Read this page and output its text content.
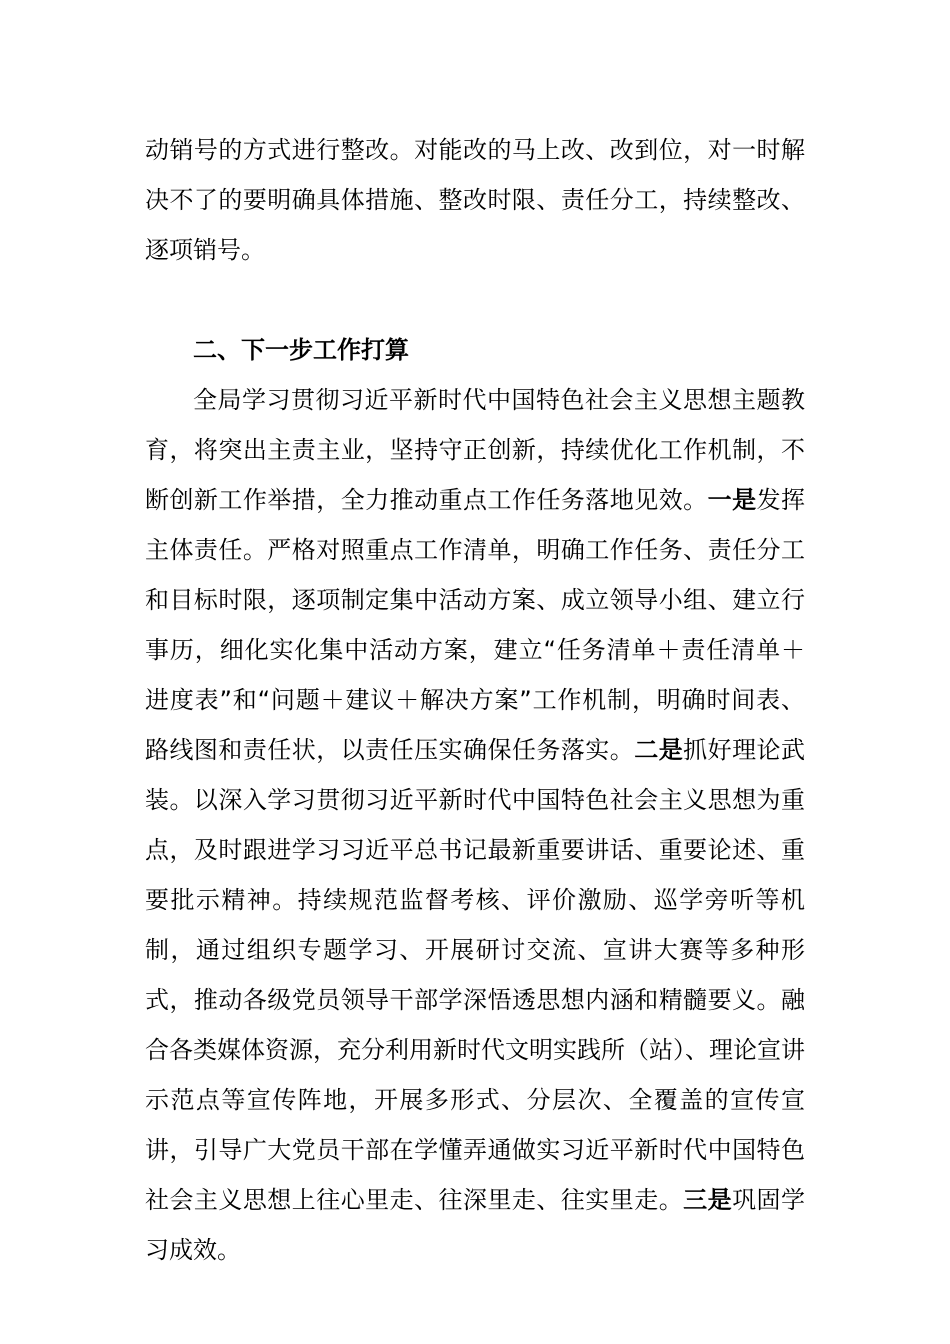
动销号的方式进行整改。对能改的马上改、改到位，对一时解决不了的要明确具体措施、整改时限、责任分工，持续整改、逐项销号。

二、下一步工作打算

全局学习贯彻习近平新时代中国特色社会主义思想主题教育，将突出主责主业，坚持守正创新，持续优化工作机制，不断创新工作举措，全力推动重点工作任务落地见效。一是发挥主体责任。严格对照重点工作清单，明确工作任务、责任分工和目标时限，逐项制定集中活动方案、成立领导小组、建立行事历，细化实化集中活动方案，建立“任务清单＋责任清单＋进度表”和“问题＋建议＋解决方案”工作机制，明确时间表、路线图和责任状，以责任压实确保任务落实。二是抓好理论武装。以深入学习贯彻习近平新时代中国特色社会主义思想为重点，及时跟进学习习近平总书记最新重要讲话、重要论述、重要批示精神。持续规范监督考核、评价激励、巡学旁听等机制，通过组织专题学习、开展研讨交流、宣讲大赛等多种形式，推动各级党员领导干部学深悟透思想内涵和精髓要义。融合各类媒体资源，充分利用新时代文明实践所（站）、理论宣讲示范点等宣传阵地，开展多形式、分层次、全覆盖的宣传宣讲，引导广大党员干部在学懂弄通做实习近平新时代中国特色社会主义思想上往心里走、往深里走、往实里走。三是巩固学习成效。
